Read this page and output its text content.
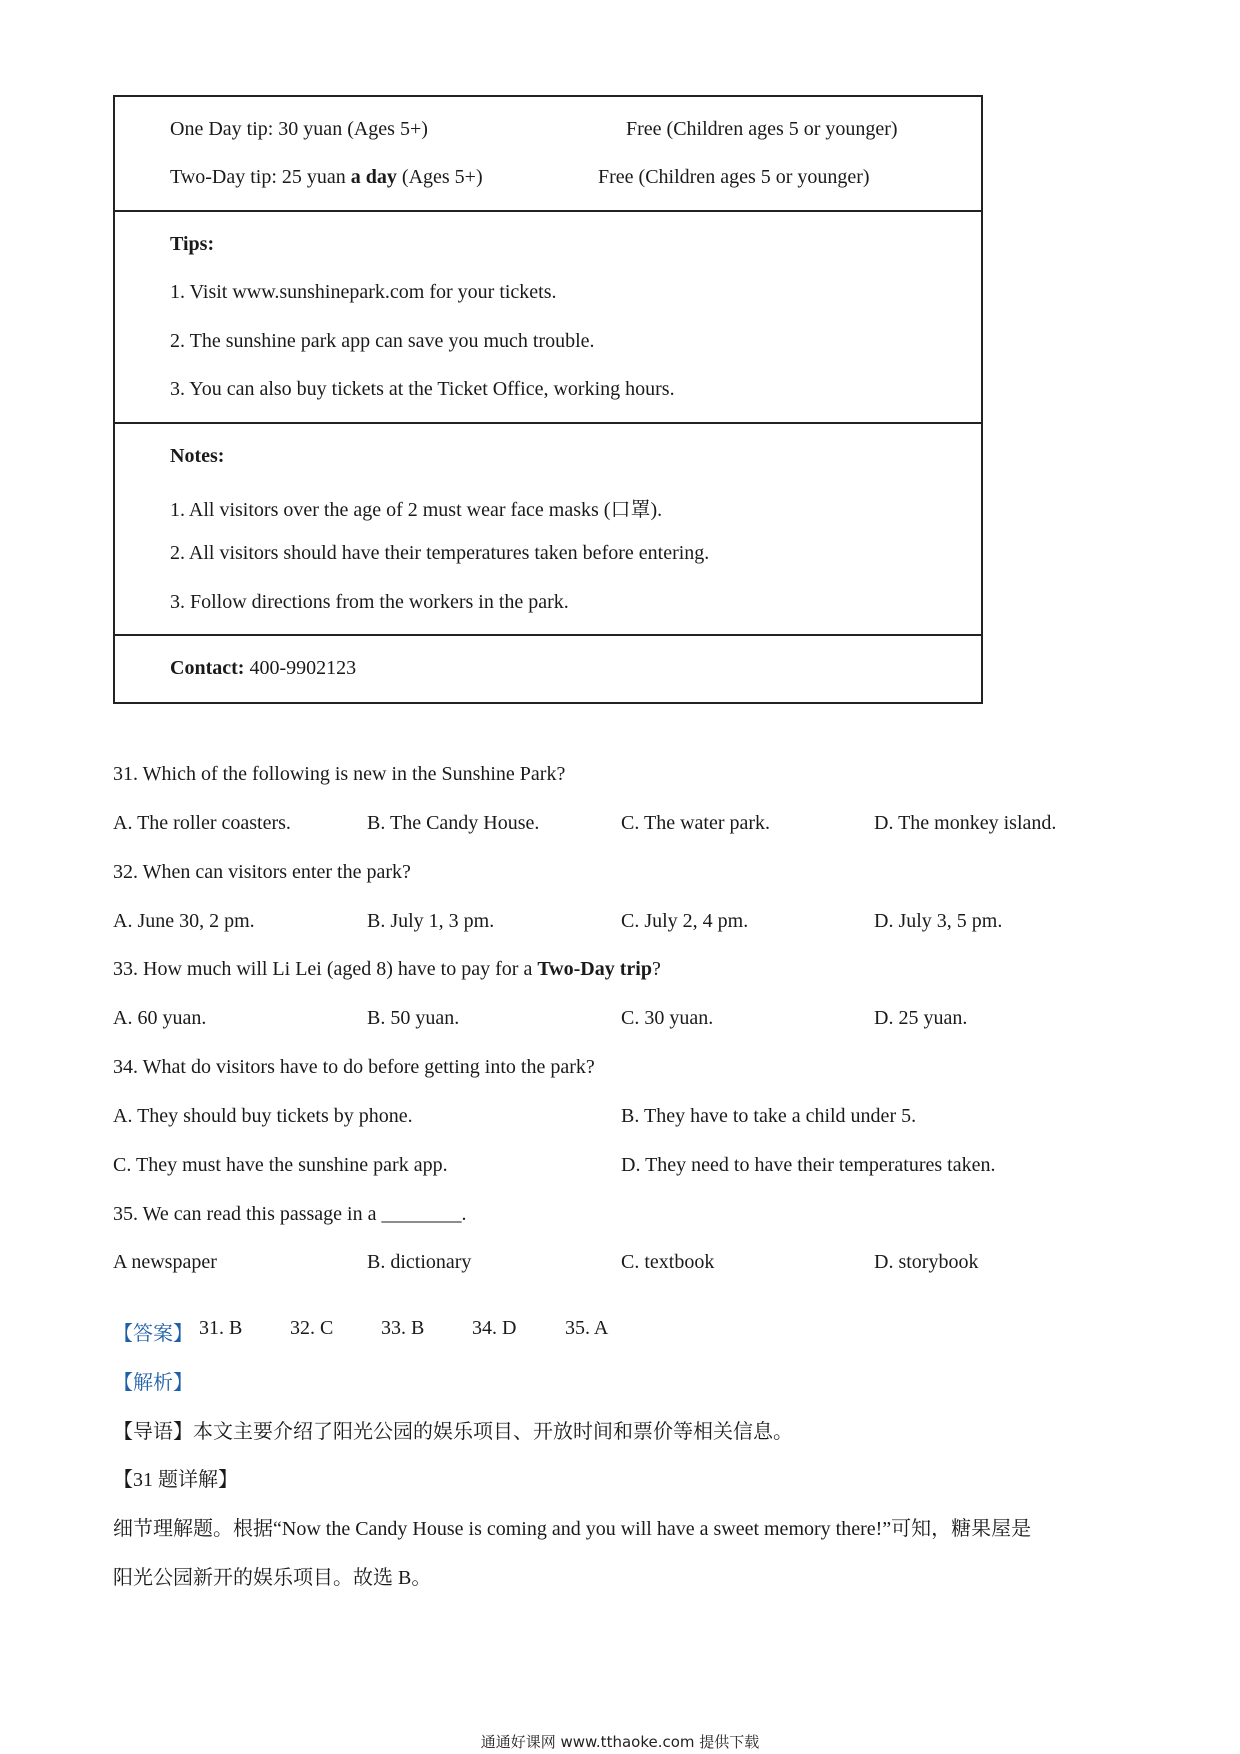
One Day tip: 30 yuan (Ages 5+)	Free (Children ages 5 or younger)
Two-Day tip: 25 yuan a day (Ages 5+)	Free (Children ages 5 or younger)
Tips:
1. Visit www.sunshinepark.com for your tickets.
2. The sunshine park app can save you much trouble.
3. You can also buy tickets at the Ticket Office, working hours.
Notes:
1. All visitors over the age of 2 must wear face masks (口罩).
2. All visitors should have their temperatures taken before entering.
3. Follow directions from the workers in the park.
Contact: 400-9902123
31. Which of the following is new in the Sunshine Park?
A. The roller coasters.	B. The Candy House.	C. The water park.	D. The monkey island.
32. When can visitors enter the park?
A. June 30, 2 pm.	B. July 1, 3 pm.	C. July 2, 4 pm.	D. July 3, 5 pm.
33. How much will Li Lei (aged 8) have to pay for a Two-Day trip?
A. 60 yuan.	B. 50 yuan.	C. 30 yuan.	D. 25 yuan.
34. What do visitors have to do before getting into the park?
A. They should buy tickets by phone.	B. They have to take a child under 5.
C. They must have the sunshine park app.	D. They need to have their temperatures taken.
35. We can read this passage in a ________.
A newspaper	B. dictionary	C. textbook	D. storybook
【答案】 31. B 32. C 33. B 34. D 35. A
【解析】
【导语】本文主要介绍了阳光公园的娱乐项目、开放时间和票价等相关信息。
【31 题详解】
细节理解题。根据“Now the Candy House is coming and you will have a sweet memory there!”可知，糖果屋是
阳光公园新开的娱乐项目。故选 B。
通通好课网 www.tthaoke.com 提供下载
